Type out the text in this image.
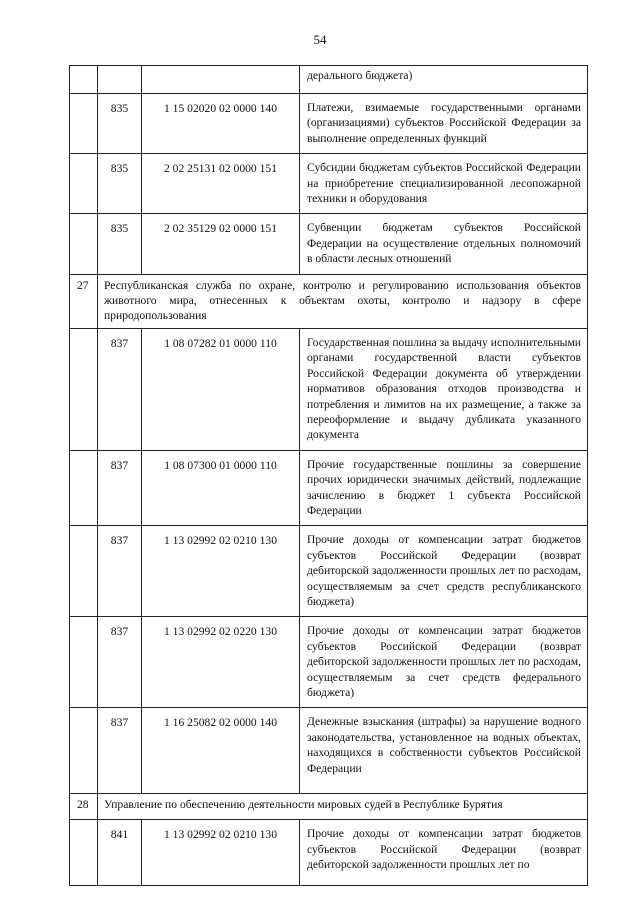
54
			дерального бюджета)
	835	1 15 02020 02 0000 140	Платежи, взимаемые государственными органами (организациями) субъектов Российской Федерации за выполнение определенных функций
	835	2 02 25131 02 0000 151	Субсидии бюджетам субъектов Российской Федерации на приобретение специализированной лесопожарной техники и оборудования
	835	2 02 35129 02 0000 151	Субвенции бюджетам субъектов Российской Федерации на осуществление отдельных полномочий в области лесных отношений
27	Республиканская служба по охране, контролю и регулированию использования объектов животного мира, отнесенных к объектам охоты, контролю и надзору в сфере природопользования		
	837	1 08 07282 01 0000 110	Государственная пошлина за выдачу исполнительными органами государственной власти субъектов Российской Федерации документа об утверждении нормативов образования отходов производства и потребления и лимитов на их размещение, а также за переоформление и выдачу дубликата указанного документа
	837	1 08 07300 01 0000 110	Прочие государственные пошлины за совершение прочих юридически значимых действий, подлежащие зачислению в бюджет 1 субъекта Российской Федерации
	837	1 13 02992 02 0210 130	Прочие доходы от компенсации затрат бюджетов субъектов Российской Федерации (возврат дебиторской задолженности прошлых лет по расходам, осуществляемым за счет средств республиканского бюджета)
	837	1 13 02992 02 0220 130	Прочие доходы от компенсации затрат бюджетов субъектов Российской Федерации (возврат дебиторской задолженности прошлых лет по расходам, осуществляемым за счет средств федерального бюджета)
	837	1 16 25082 02 0000 140	Денежные взыскания (штрафы) за нарушение водного законодательства, установленное на водных объектах, находящихся в собственности субъектов Российской Федерации
28	Управление по обеспечению деятельности мировых судей в Республике Бурятия		
	841	1 13 02992 02 0210 130	Прочие доходы от компенсации затрат бюджетов субъектов Российской Федерации (возврат дебиторской задолженности прошлых лет по
